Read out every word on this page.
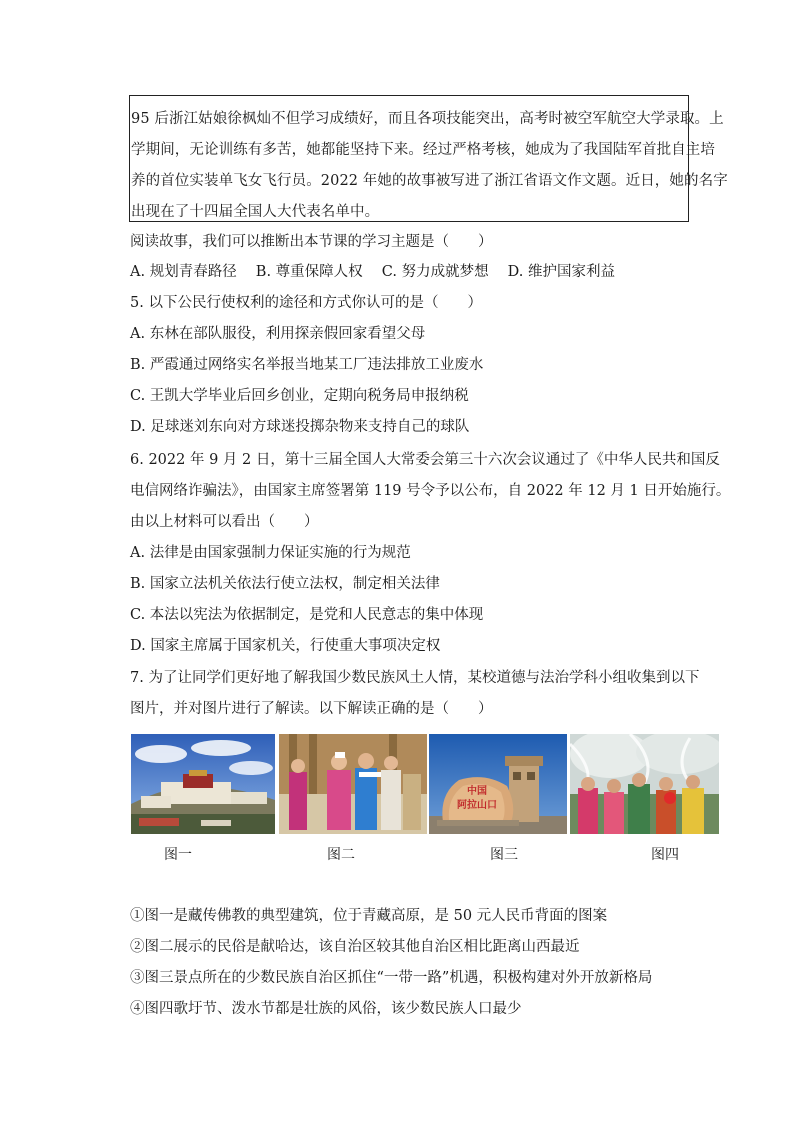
95 后浙江姑娘徐枫灿不但学习成绩好，而且各项技能突出，高考时被空军航空大学录取。上
学期间，无论训练有多苦，她都能坚持下来。经过严格考核，她成为了我国陆军首批自主培
养的首位实装单飞女飞行员。2022 年她的故事被写进了浙江省语文作文题。近日，她的名字
出现在了十四届全国人大代表名单中。
阅读故事，我们可以推断出本节课的学习主题是（　　）
A. 规划青春路径　 B. 尊重保障人权　 C. 努力成就梦想　 D. 维护国家利益
5. 以下公民行使权利的途径和方式你认可的是（　　）
A. 东林在部队服役，利用探亲假回家看望父母
B. 严霞通过网络实名举报当地某工厂违法排放工业废水
C. 王凯大学毕业后回乡创业，定期向税务局申报纳税
D. 足球迷刘东向对方球迷投掷杂物来支持自己的球队
6. 2022 年 9 月 2 日，第十三届全国人大常委会第三十六次会议通过了《中华人民共和国反
电信网络诈骗法》，由国家主席签署第 119 号令予以公布，自 2022 年 12 月 1 日开始施行。
由以上材料可以看出（　　）
A. 法律是由国家强制力保证实施的行为规范
B. 国家立法机关依法行使立法权，制定相关法律
C. 本法以宪法为依据制定，是党和人民意志的集中体现
D. 国家主席属于国家机关，行使重大事项决定权
7. 为了让同学们更好地了解我国少数民族风土人情，某校道德与法治学科小组收集到以下
图片，并对图片进行了解读。以下解读正确的是（　　）
中国
阿拉山口
图一	图二	图三	图四
①图一是藏传佛教的典型建筑，位于青藏高原，是 50 元人民币背面的图案
②图二展示的民俗是献哈达，该自治区较其他自治区相比距离山西最近
③图三景点所在的少数民族自治区抓住“一带一路”机遇，积极构建对外开放新格局
④图四歌圩节、泼水节都是壮族的风俗，该少数民族人口最少
